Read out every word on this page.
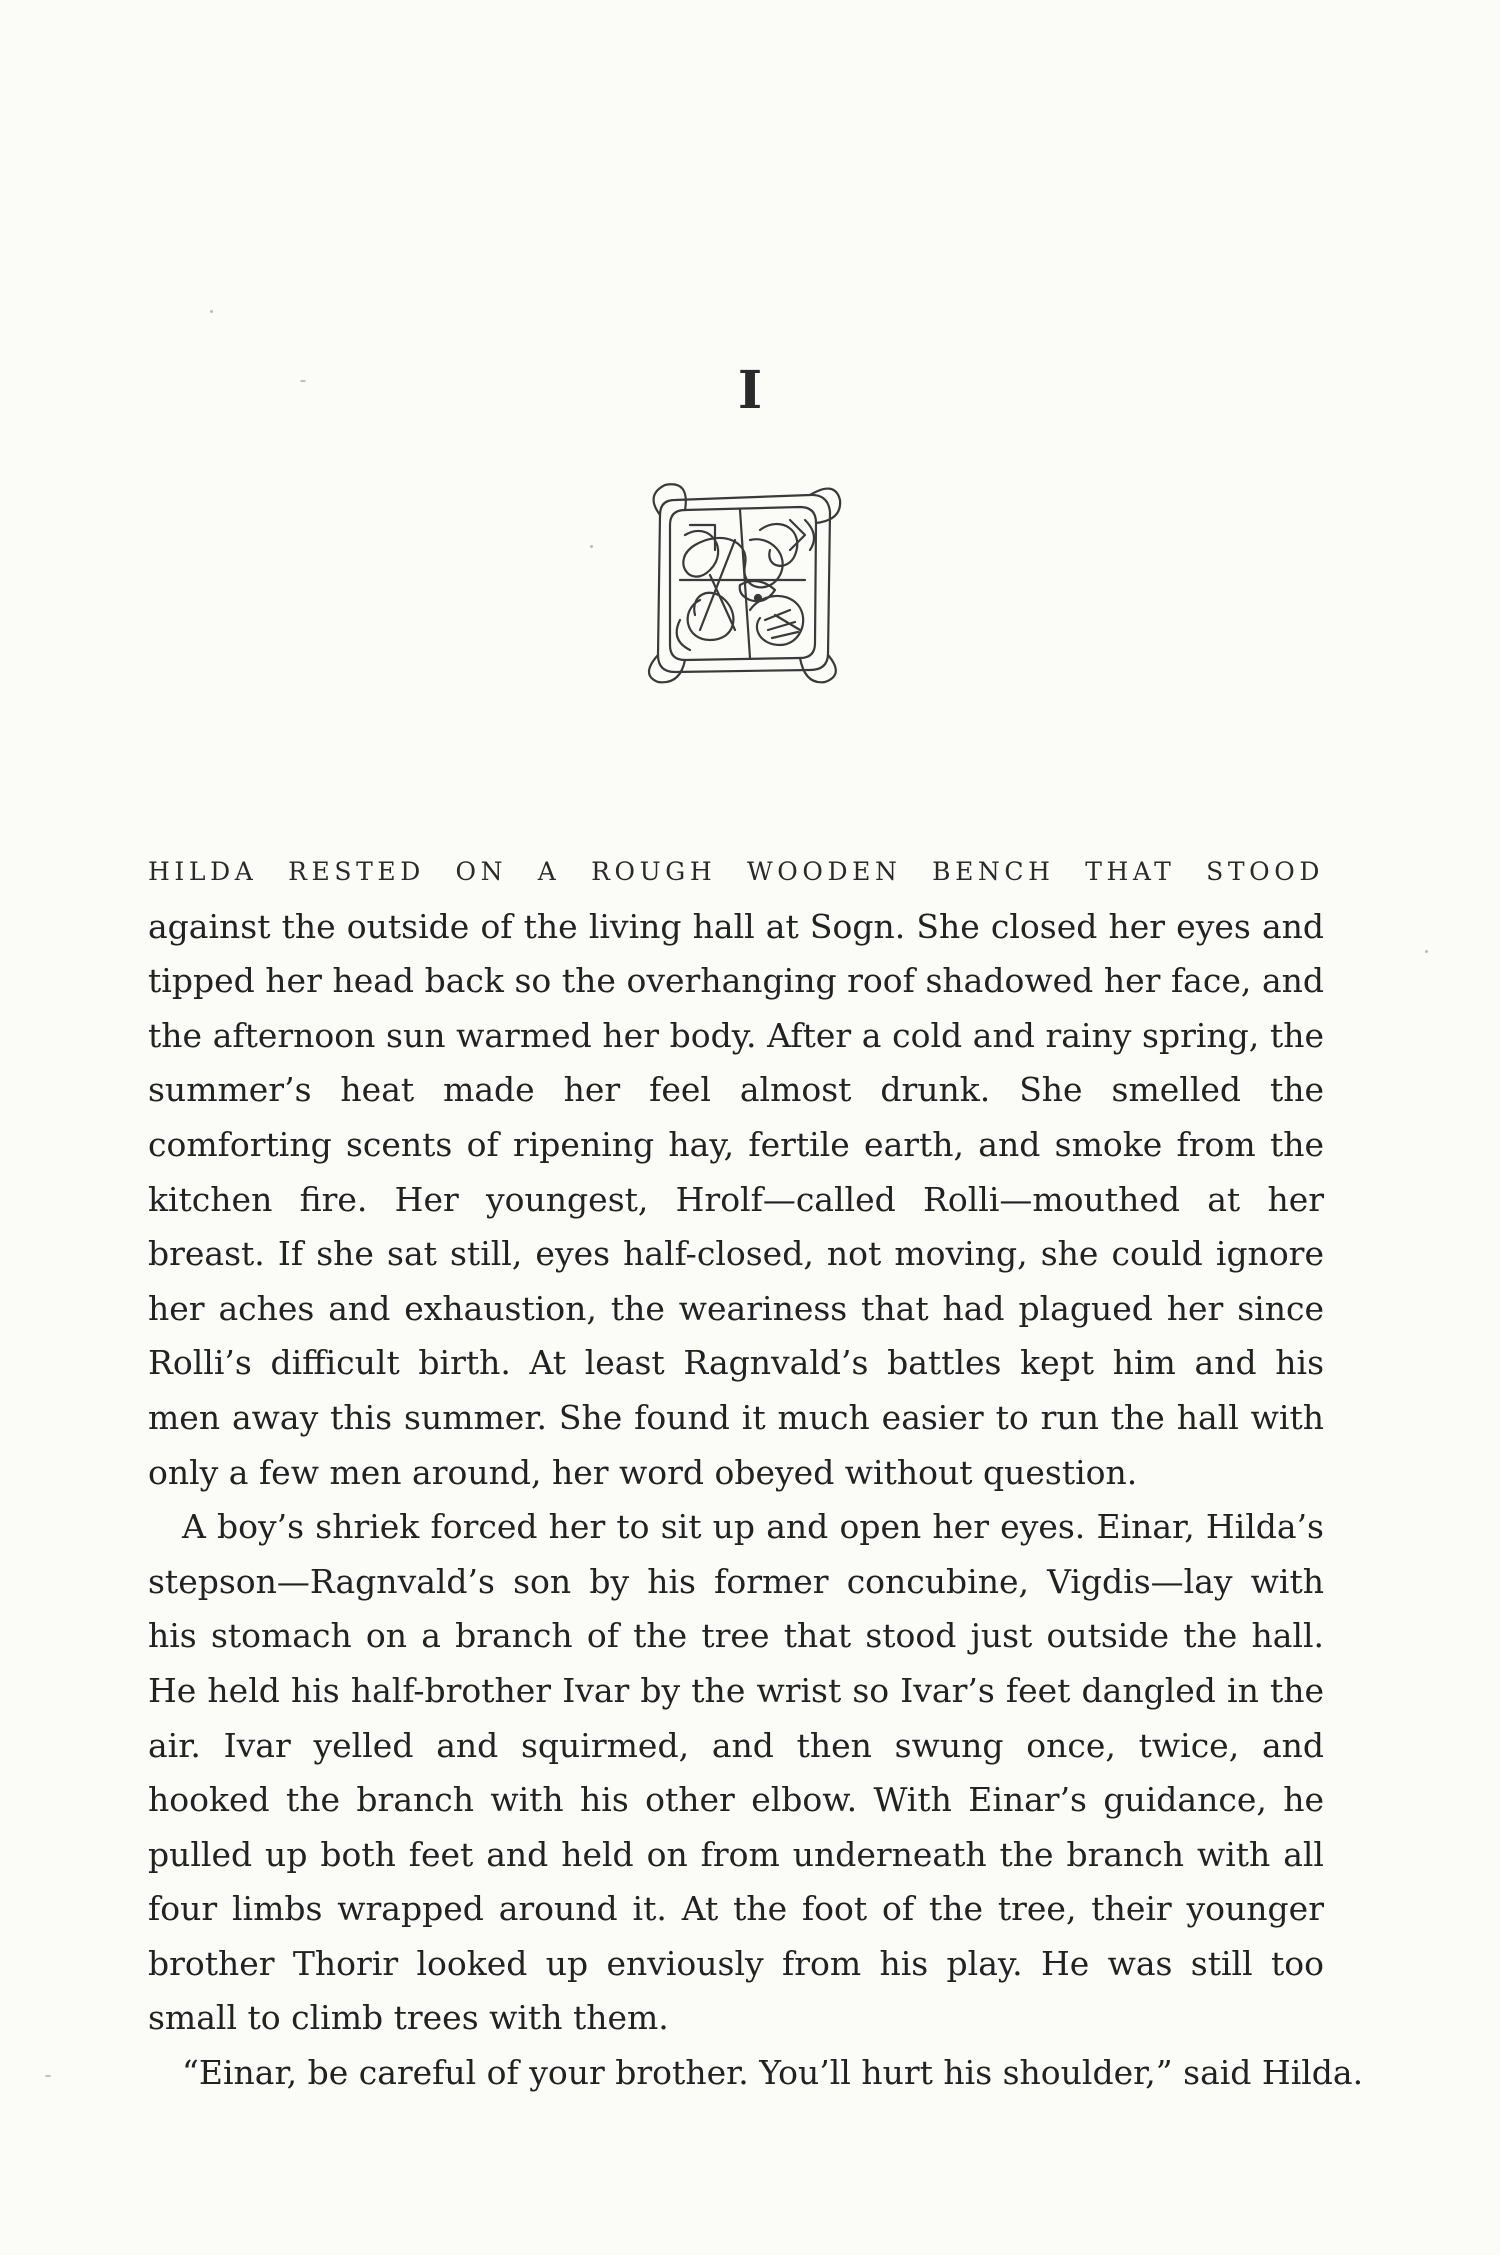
I

HILDA RESTED ON A ROUGH WOODEN BENCH THAT STOOD
against the outside of the living hall at Sogn. She closed her eyes and tipped her head back so the overhanging roof shadowed her face, and the afternoon sun warmed her body. After a cold and rainy spring, the summer’s heat made her feel almost drunk. She smelled the comforting scents of ripening hay, fertile earth, and smoke from the kitchen fire. Her youngest, Hrolf—called Rolli—mouthed at her breast. If she sat still, eyes half-closed, not moving, she could ignore her aches and exhaustion, the weariness that had plagued her since Rolli’s difficult birth. At least Ragnvald’s battles kept him and his men away this summer. She found it much easier to run the hall with only a few men around, her word obeyed without question.

A boy’s shriek forced her to sit up and open her eyes. Einar, Hilda’s stepson—Ragnvald’s son by his former concubine, Vigdis—lay with his stomach on a branch of the tree that stood just outside the hall. He held his half-brother Ivar by the wrist so Ivar’s feet dangled in the air. Ivar yelled and squirmed, and then swung once, twice, and hooked the branch with his other elbow. With Einar’s guidance, he pulled up both feet and held on from underneath the branch with all four limbs wrapped around it. At the foot of the tree, their younger brother Thorir looked up enviously from his play. He was still too small to climb trees with them.

“Einar, be careful of your brother. You’ll hurt his shoulder,” said Hilda.
